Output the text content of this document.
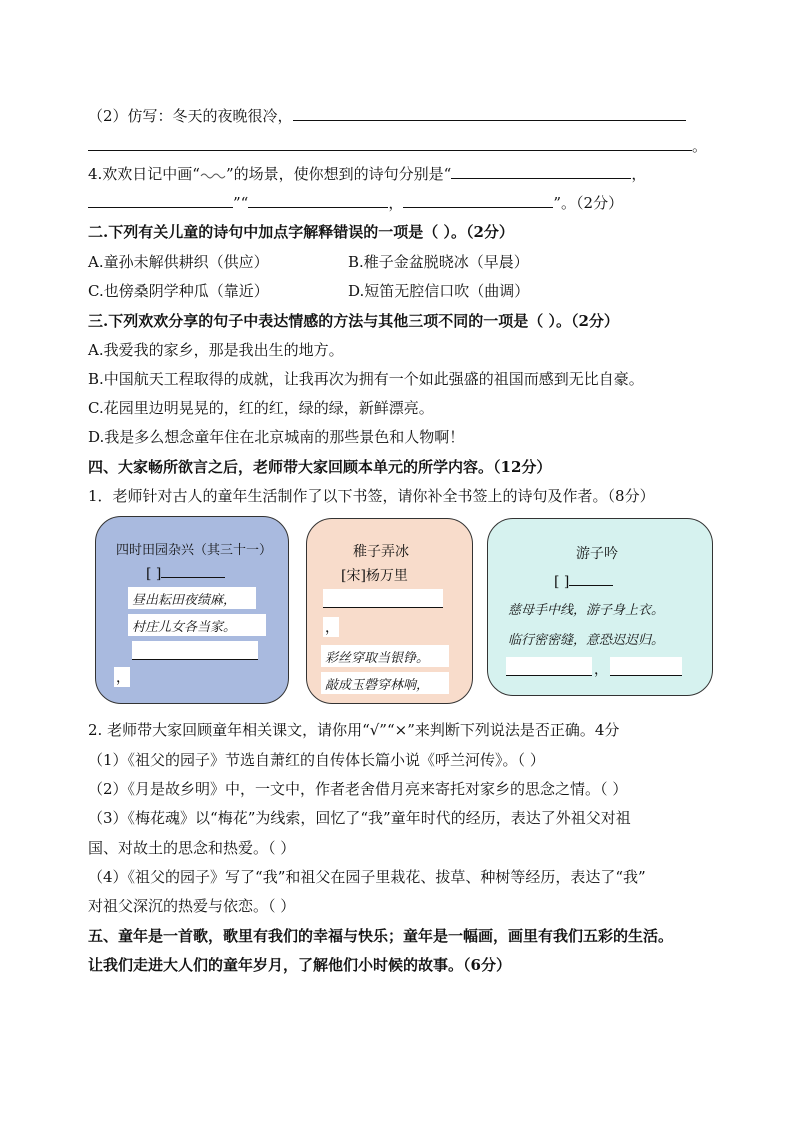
（2）仿写：冬天的夜晚很冷，
。
4.欢欢日记中画“ ”的场景，使你想到的诗句分别是“	，
”“	，	”。（2分）
二.下列有关儿童的诗句中加点字解释错误的一项是（ ）。（2分）
A.童孙未解供耕织（供应）	B.稚子金盆脱晓冰（早晨）
C.也傍桑阴学种瓜（靠近）	D.短笛无腔信口吹（曲调）
三.下列欢欢分享的句子中表达情感的方法与其他三项不同的一项是（ ）。（2分）
A.我爱我的家乡，那是我出生的地方。
B.中国航天工程取得的成就，让我再次为拥有一个如此强盛的祖国而感到无比自豪。
C.花园里边明晃晃的，红的红，绿的绿，新鲜漂亮。
D.我是多么想念童年住在北京城南的那些景色和人物啊！
四、大家畅所欲言之后，老师带大家回顾本单元的所学内容。（12分）
1．老师针对古人的童年生活制作了以下书签，请你补全书签上的诗句及作者。（8分）
四时田园杂兴（其三十一）
[ ]
昼出耘田夜绩麻，
村庄儿女各当家。
，
稚子弄冰
[宋]杨万里
，
彩丝穿取当银铮。
敲成玉磬穿林响，
游子吟
[ ]
慈母手中线，游子身上衣。
临行密密缝，意恐迟迟归。
，
2. 老师带大家回顾童年相关课文，请你用“√”“×”来判断下列说法是否正确。4分
（1）《祖父的园子》节选自萧红的自传体长篇小说《呼兰河传》。（ ）
（2）《月是故乡明》中，一文中，作者老舍借月亮来寄托对家乡的思念之情。（ ）
（3）《梅花魂》以“梅花”为线索，回忆了“我”童年时代的经历，表达了外祖父对祖
国、对故土的思念和热爱。（ ）
（4）《祖父的园子》写了“我”和祖父在园子里栽花、拔草、种树等经历，表达了“我”
对祖父深沉的热爱与依恋。（ ）
五、童年是一首歌，歌里有我们的幸福与快乐；童年是一幅画，画里有我们五彩的生活。
让我们走进大人们的童年岁月，了解他们小时候的故事。（6分）
